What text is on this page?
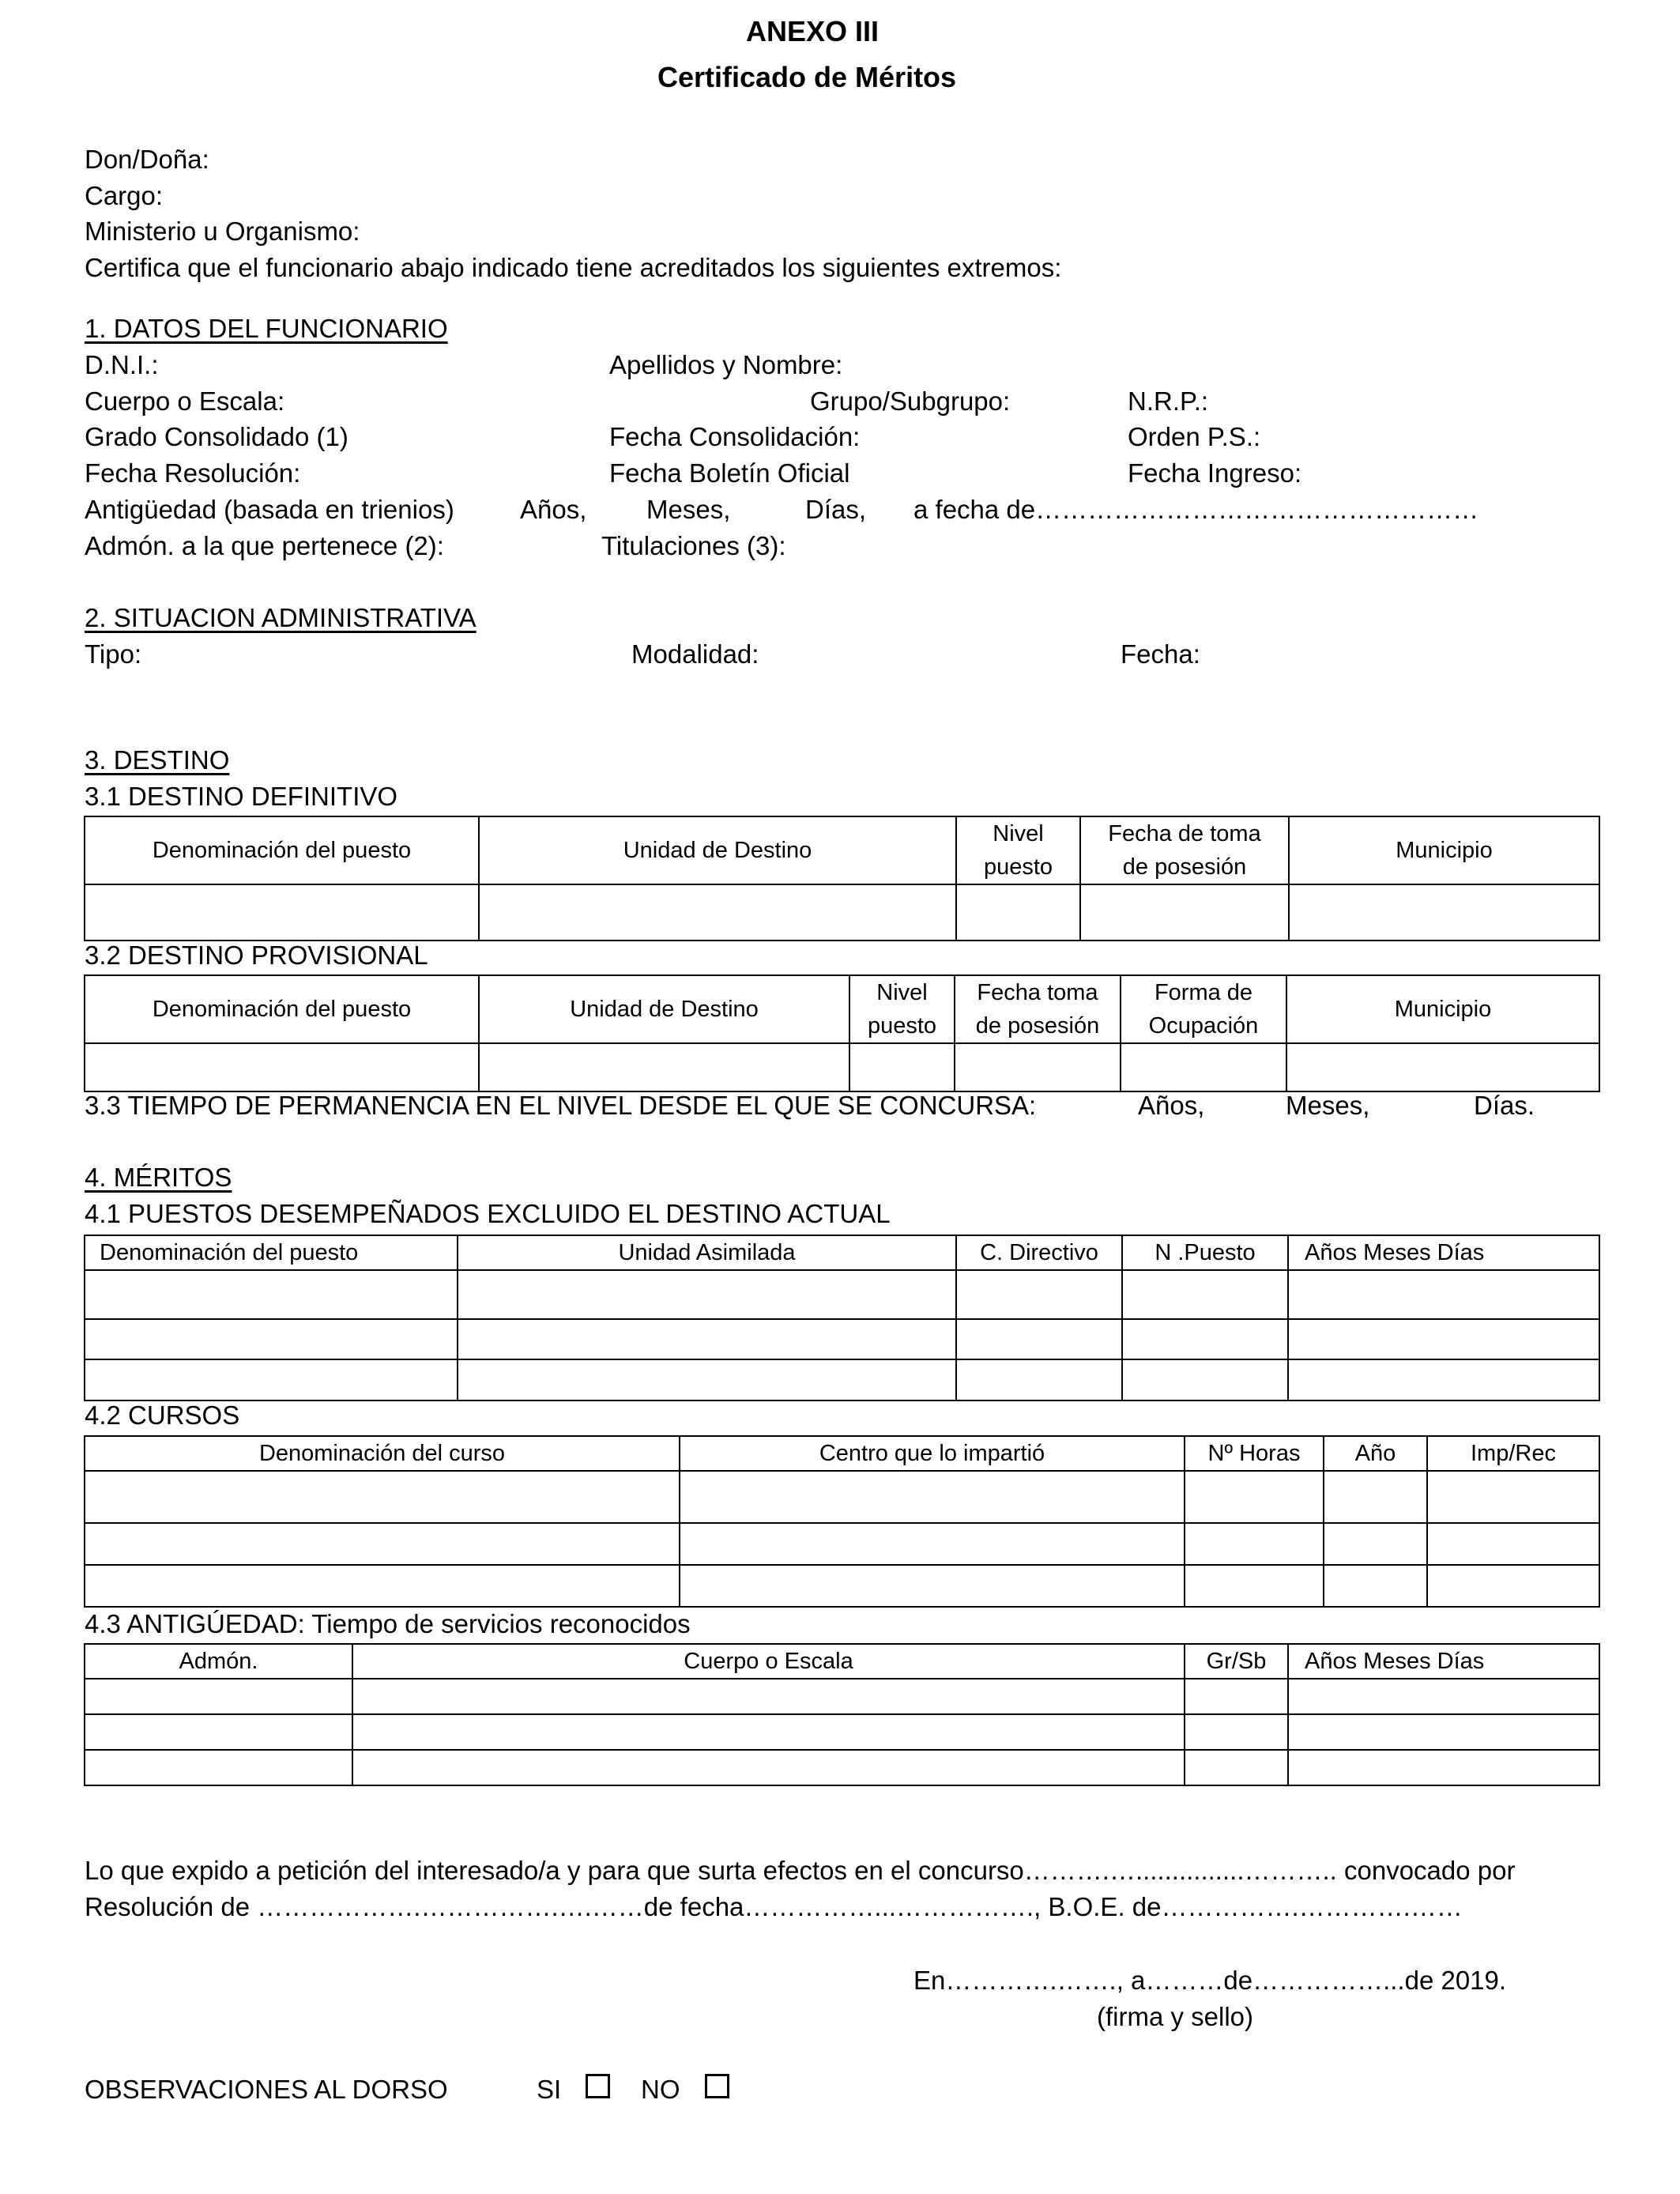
ANEXO III
Certificado de Méritos
Don/Doña:
Cargo:
Ministerio u Organismo:
Certifica que el funcionario abajo indicado tiene acreditados los siguientes extremos:
1. DATOS DEL FUNCIONARIO
D.N.I.:	Apellidos y Nombre:
Cuerpo o Escala:	Grupo/Subgrupo:	N.R.P.:
Grado Consolidado (1)	Fecha Consolidación:	Orden P.S.:
Fecha Resolución:	Fecha Boletín Oficial	Fecha Ingreso:
Antigüedad (basada en trienios)	Años, Meses,	Días, a fecha de……………………………………………
Admón. a la que pertenece (2):	Titulaciones (3):
2. SITUACION ADMINISTRATIVA
Tipo:	Modalidad:	Fecha:
3. DESTINO
3.1 DESTINO DEFINITIVO
Denominación del puesto	Unidad de Destino	Nivel puesto	Fecha de toma de posesión	Municipio

3.2 DESTINO PROVISIONAL
Denominación del puesto	Unidad de Destino	Nivel puesto	Fecha toma de posesión	Forma de Ocupación	Municipio

3.3 TIEMPO DE PERMANENCIA EN EL NIVEL DESDE EL QUE SE CONCURSA:	Años,	Meses,	Días.
4. MÉRITOS
4.1 PUESTOS DESEMPEÑADOS EXCLUIDO EL DESTINO ACTUAL
Denominación del puesto	Unidad Asimilada	C. Directivo	N .Puesto	Años Meses Días

4.2 CURSOS
Denominación del curso	Centro que lo impartió	Nº Horas	Año	Imp/Rec

4.3 ANTIGÚEDAD: Tiempo de servicios reconocidos
Admón.	Cuerpo o Escala	Gr/Sb	Años Meses Días

Lo que expido a petición del interesado/a y para que surta efectos en el concurso……….…...............……….. convocado por
Resolución de ……………….…………….….……de fecha……………...……………., B.O.E. de…………….………….……
En………….……., a………de……………...de 2019.
(firma y sello)
OBSERVACIONES AL DORSO	SI	NO
